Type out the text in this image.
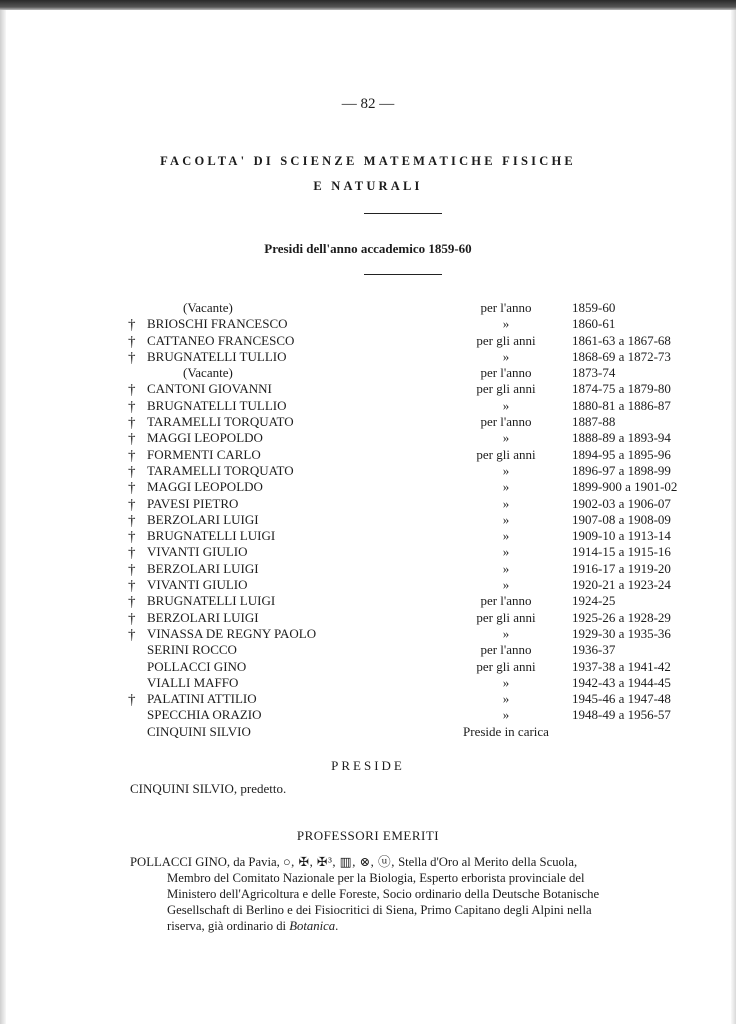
— 82 —
FACOLTA' DI SCIENZE MATEMATICHE FISICHE
E NATURALI
Presidi dell'anno accademico 1859-60
(Vacante)	per l'anno	1859-60
† BRIOSCHI FRANCESCO	»	1860-61
† CATTANEO FRANCESCO	per gli anni	1861-63 a 1867-68
† BRUGNATELLI TULLIO	»	1868-69 a 1872-73
(Vacante)	per l'anno	1873-74
† CANTONI GIOVANNI	per gli anni	1874-75 a 1879-80
† BRUGNATELLI TULLIO	»	1880-81 a 1886-87
† TARAMELLI TORQUATO	per l'anno	1887-88
† MAGGI LEOPOLDO	»	1888-89 a 1893-94
† FORMENTI CARLO	per gli anni	1894-95 a 1895-96
† TARAMELLI TORQUATO	»	1896-97 a 1898-99
† MAGGI LEOPOLDO	»	1899-900 a 1901-02
† PAVESI PIETRO	»	1902-03 a 1906-07
† BERZOLARI LUIGI	»	1907-08 a 1908-09
† BRUGNATELLI LUIGI	»	1909-10 a 1913-14
† VIVANTI GIULIO	»	1914-15 a 1915-16
† BERZOLARI LUIGI	»	1916-17 a 1919-20
† VIVANTI GIULIO	»	1920-21 a 1923-24
† BRUGNATELLI LUIGI	per l'anno	1924-25
† BERZOLARI LUIGI	per gli anni	1925-26 a 1928-29
† VINASSA DE REGNY PAOLO	»	1929-30 a 1935-36
SERINI ROCCO	per l'anno	1936-37
POLLACCI GINO	per gli anni	1937-38 a 1941-42
VIALLI MAFFO	»	1942-43 a 1944-45
† PALATINI ATTILIO	»	1945-46 a 1947-48
SPECCHIA ORAZIO	»	1948-49 a 1956-57
CINQUINI SILVIO	Preside in carica
PRESIDE
CINQUINI SILVIO, predetto.
PROFESSORI EMERITI
POLLACCI GINO, da Pavia, ○, ✠, ✠³, ▥, ⊗, ⓤ, Stella d'Oro al Merito della Scuola,
Membro del Comitato Nazionale per la Biologia, Esperto erborista provinciale del
Ministero dell'Agricoltura e delle Foreste, Socio ordinario della Deutsche Botanische
Gesellschaft di Berlino e dei Fisiocritici di Siena, Primo Capitano degli Alpini nella
riserva, già ordinario di Botanica.
